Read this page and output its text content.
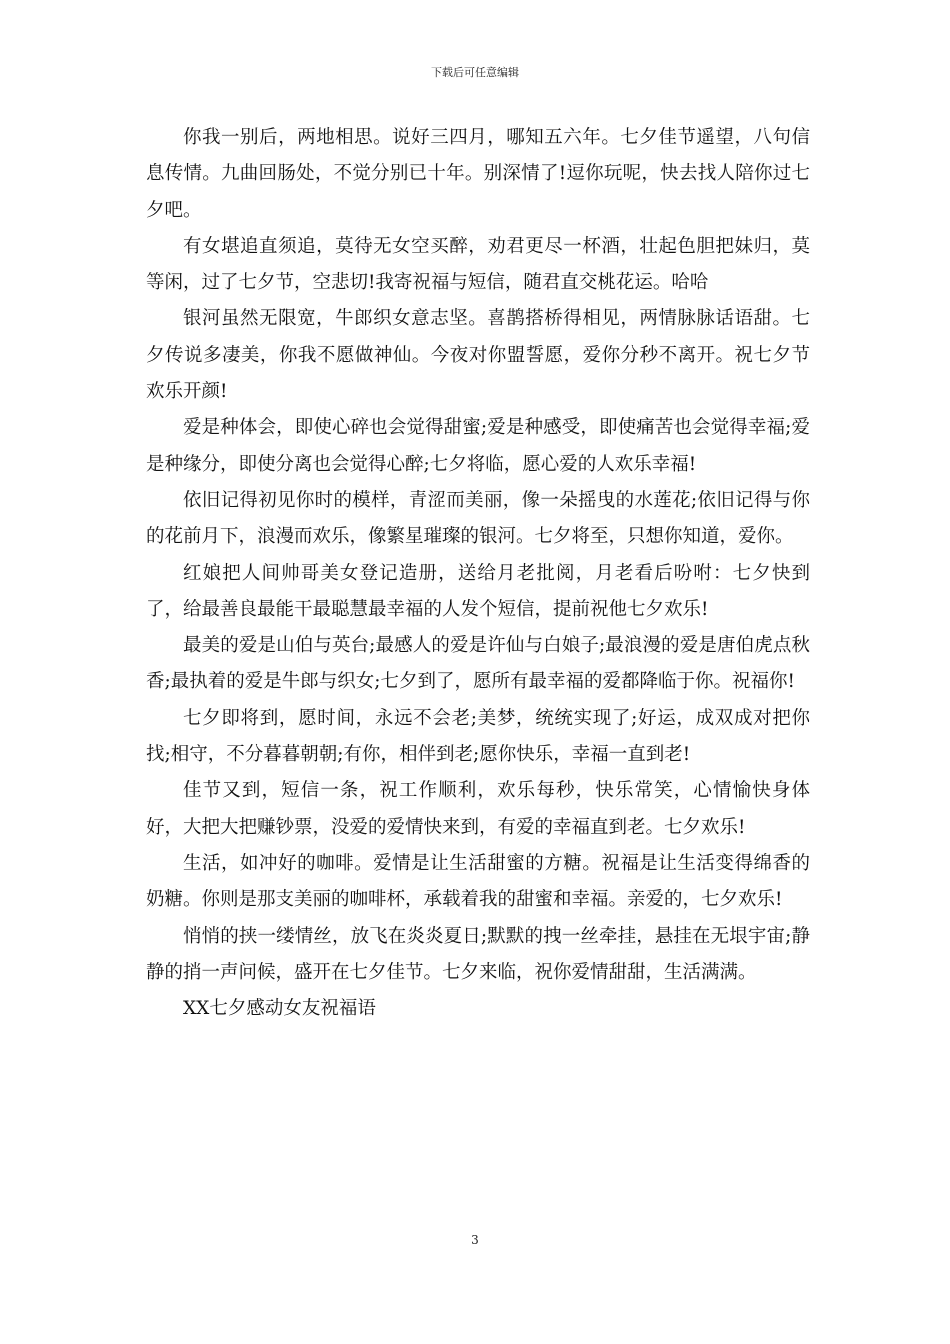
下载后可任意编辑

你我一别后，两地相思。说好三四月，哪知五六年。七夕佳节遥望，八句信息传情。九曲回肠处，不觉分别已十年。别深情了!逗你玩呢，快去找人陪你过七夕吧。

有女堪追直须追，莫待无女空买醉，劝君更尽一杯酒，壮起色胆把妹归，莫等闲，过了七夕节，空悲切!我寄祝福与短信，随君直交桃花运。哈哈

银河虽然无限宽，牛郎织女意志坚。喜鹊搭桥得相见，两情脉脉话语甜。七夕传说多凄美，你我不愿做神仙。今夜对你盟誓愿，爱你分秒不离开。祝七夕节欢乐开颜!

爱是种体会，即使心碎也会觉得甜蜜;爱是种感受，即使痛苦也会觉得幸福;爱是种缘分，即使分离也会觉得心醉;七夕将临，愿心爱的人欢乐幸福!

依旧记得初见你时的模样，青涩而美丽，像一朵摇曳的水莲花;依旧记得与你的花前月下，浪漫而欢乐，像繁星璀璨的银河。七夕将至，只想你知道，爱你。

红娘把人间帅哥美女登记造册，送给月老批阅，月老看后吩咐：七夕快到了，给最善良最能干最聪慧最幸福的人发个短信，提前祝他七夕欢乐!

最美的爱是山伯与英台;最感人的爱是许仙与白娘子;最浪漫的爱是唐伯虎点秋香;最执着的爱是牛郎与织女;七夕到了，愿所有最幸福的爱都降临于你。祝福你!

七夕即将到，愿时间，永远不会老;美梦，统统实现了;好运，成双成对把你找;相守，不分暮暮朝朝;有你，相伴到老;愿你快乐，幸福一直到老!

佳节又到，短信一条，祝工作顺利，欢乐每秒，快乐常笑，心情愉快身体好，大把大把赚钞票，没爱的爱情快来到，有爱的幸福直到老。七夕欢乐!

生活，如冲好的咖啡。爱情是让生活甜蜜的方糖。祝福是让生活变得绵香的奶糖。你则是那支美丽的咖啡杯，承载着我的甜蜜和幸福。亲爱的，七夕欢乐!

悄悄的挟一缕情丝，放飞在炎炎夏日;默默的拽一丝牵挂，悬挂在无垠宇宙;静静的捎一声问候，盛开在七夕佳节。七夕来临，祝你爱情甜甜，生活满满。

XX七夕感动女友祝福语

3
